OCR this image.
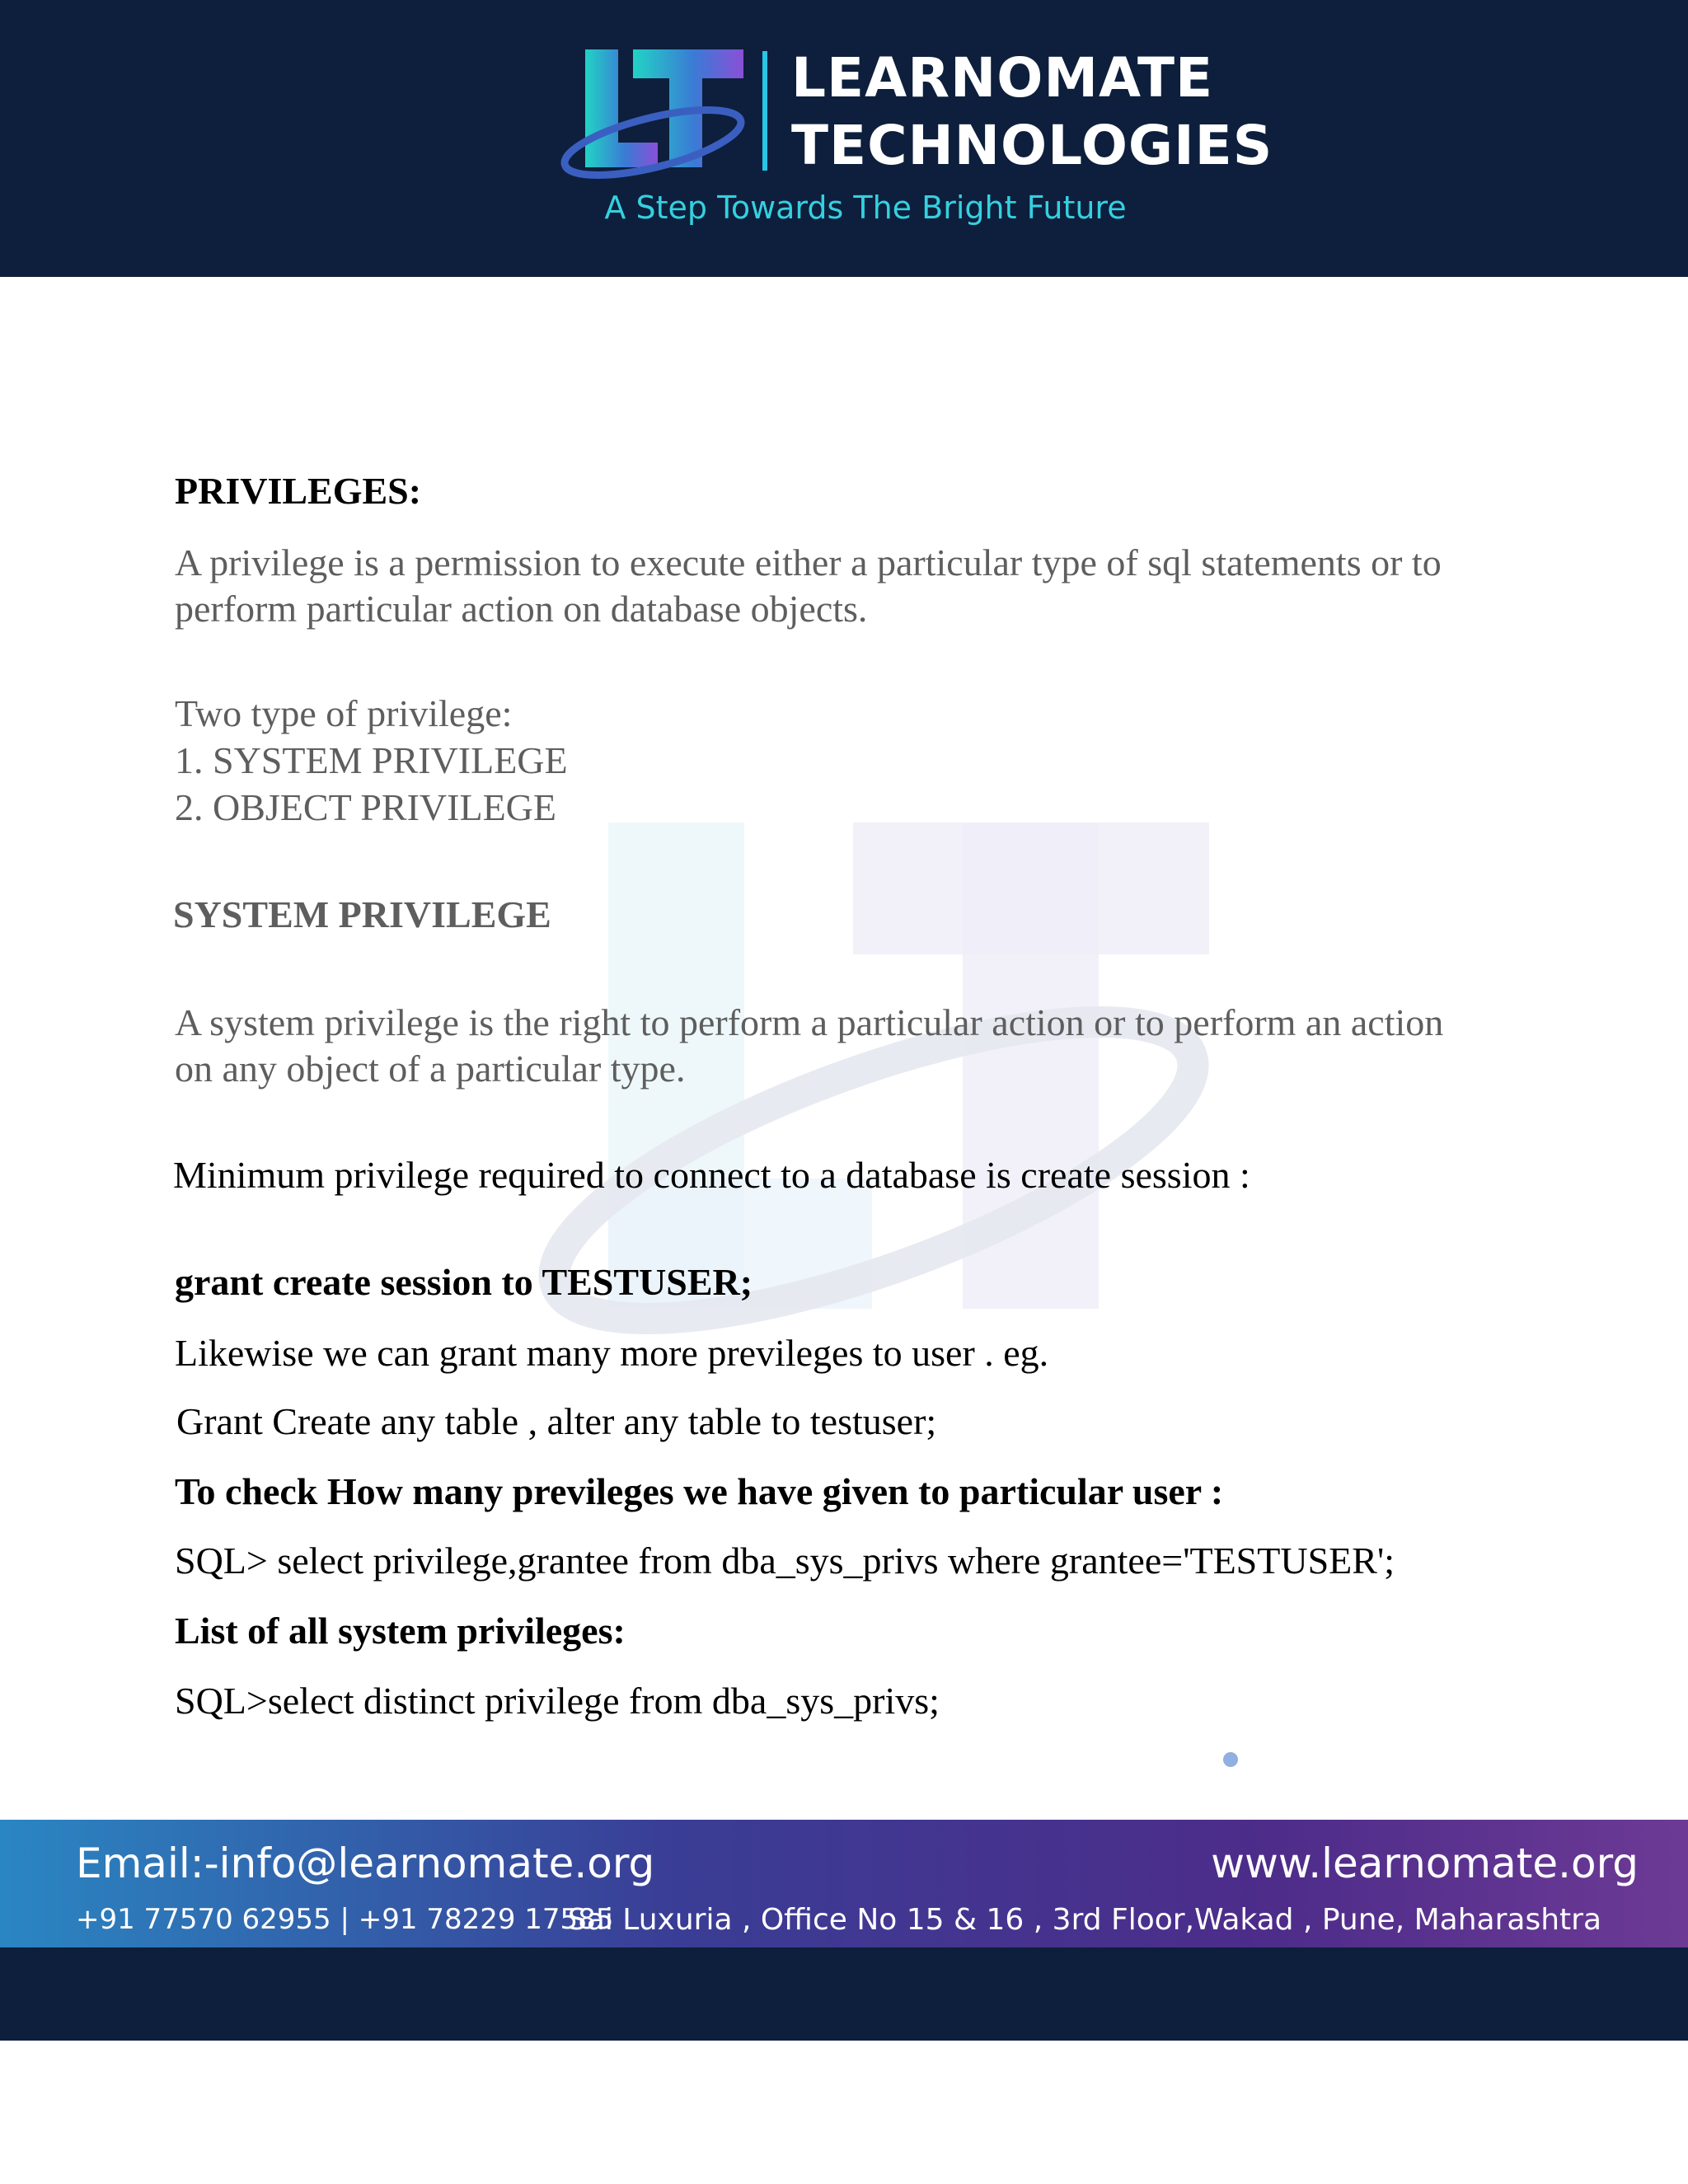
LEARNOMATE
TECHNOLOGIES
A Step Towards The Bright Future
PRIVILEGES:
A privilege is a permission to execute either a particular type of sql statements or to
perform particular action on database objects.
Two type of privilege:
1. SYSTEM PRIVILEGE
2. OBJECT PRIVILEGE
SYSTEM PRIVILEGE
A system privilege is the right to perform a particular action or to perform an action
on any object of a particular type.
Minimum privilege required to connect to a database is create session :
grant create session to TESTUSER;
Likewise we can grant many more previleges to user . eg.
Grant Create any table , alter any table to testuser;
To check How many previleges we have given to particular user :
SQL> select privilege,grantee from dba_sys_privs where grantee='TESTUSER';
List of all system privileges:
SQL>select distinct privilege from dba_sys_privs;
Email:-info@learnomate.org	www.learnomate.org
+91 77570 62955 | +91 78229 17585
Sai Luxuria , Office No 15 & 16 , 3rd Floor,Wakad , Pune, Maharashtra
